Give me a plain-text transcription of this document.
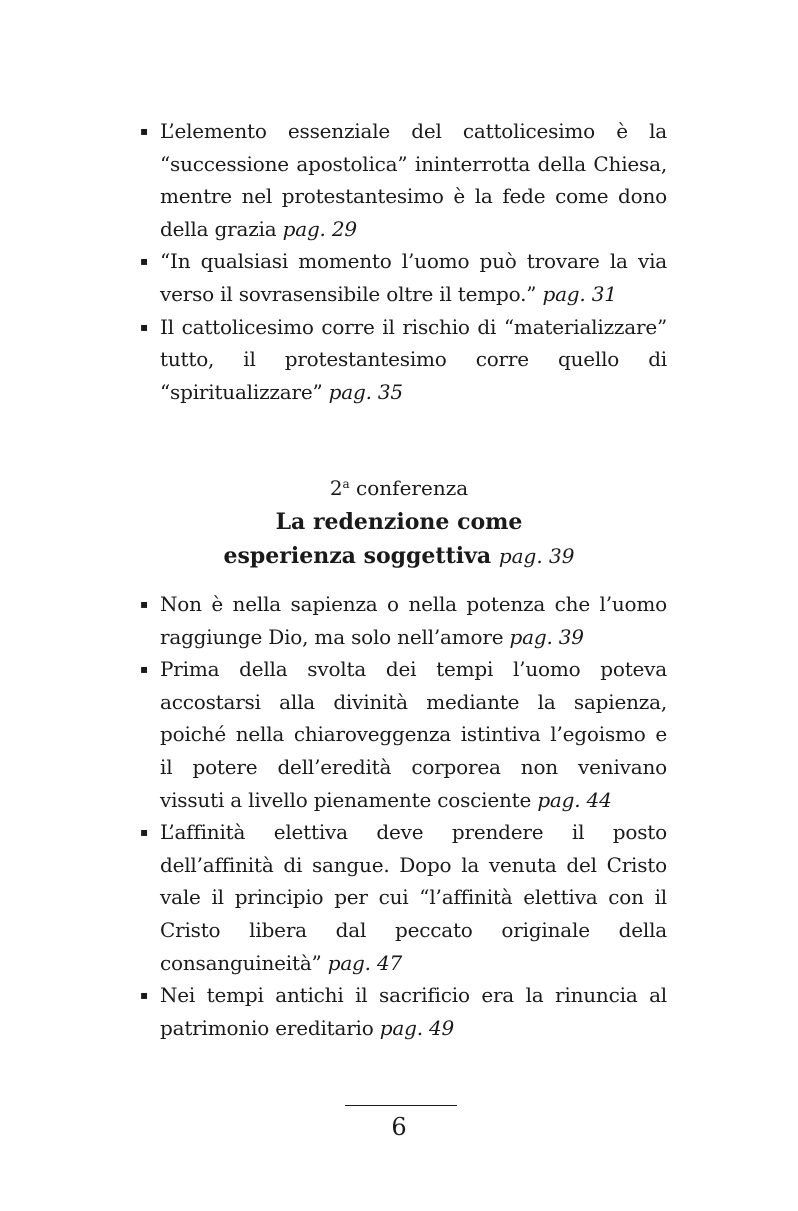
▪ L’elemento essenziale del cattolicesimo è la “successione apostolica” ininterrotta della Chiesa, mentre nel protestantesimo è la fede come dono della grazia pag. 29
▪ “In qualsiasi momento l’uomo può trovare la via verso il sovrasensibile oltre il tempo.” pag. 31
▪ Il cattolicesimo corre il rischio di “materializzare” tutto, il protestantesimo corre quello di “spiritualizzare” pag. 35
2$^a$ conferenza
La redenzione come
esperienza soggettiva pag. 39
▪ Non è nella sapienza o nella potenza che l’uomo raggiunge Dio, ma solo nell’amore pag. 39
▪ Prima della svolta dei tempi l’uomo poteva accostarsi alla divinità mediante la sapienza, poiché nella chiaroveggenza istintiva l’egoismo e il potere dell’eredità corporea non venivano vissuti a livello pienamente cosciente pag. 44
▪ L’affinità elettiva deve prendere il posto dell’affinità di sangue. Dopo la venuta del Cristo vale il principio per cui “l’affinità elettiva con il Cristo libera dal peccato originale della consanguineità” pag. 47
▪ Nei tempi antichi il sacrificio era la rinuncia al patrimonio ereditario pag. 49
6
